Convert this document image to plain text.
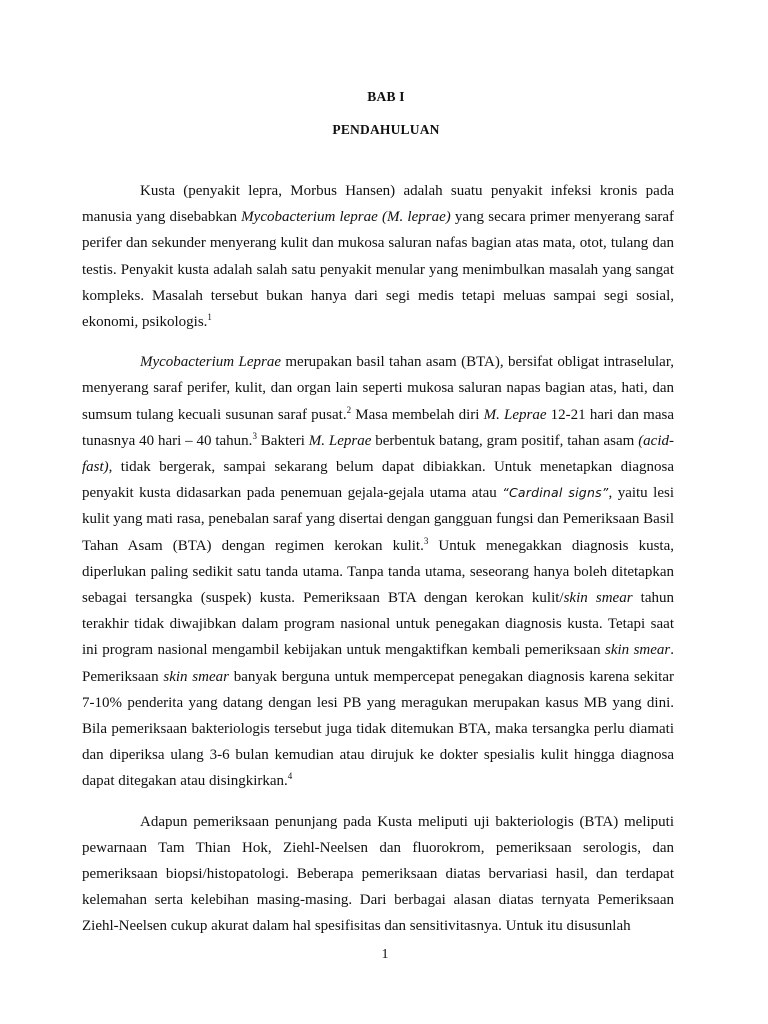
BAB I
PENDAHULUAN

Kusta (penyakit lepra, Morbus Hansen) adalah suatu penyakit infeksi kronis pada manusia yang disebabkan Mycobacterium leprae (M. leprae) yang secara primer menyerang saraf perifer dan sekunder menyerang kulit dan mukosa saluran nafas bagian atas mata, otot, tulang dan testis. Penyakit kusta adalah salah satu penyakit menular yang menimbulkan masalah yang sangat kompleks. Masalah tersebut bukan hanya dari segi medis tetapi meluas sampai segi sosial, ekonomi, psikologis.$^1$

Mycobacterium Leprae merupakan basil tahan asam (BTA), bersifat obligat intraselular, menyerang saraf perifer, kulit, dan organ lain seperti mukosa saluran napas bagian atas, hati, dan sumsum tulang kecuali susunan saraf pusat.$^2$ Masa membelah diri M. Leprae 12-21 hari dan masa tunasnya 40 hari – 40 tahun.$^3$ Bakteri M. Leprae berbentuk batang, gram positif, tahan asam (acid-fast), tidak bergerak, sampai sekarang belum dapat dibiakkan. Untuk menetapkan diagnosa penyakit kusta didasarkan pada penemuan gejala-gejala utama atau “Cardinal signs”, yaitu lesi kulit yang mati rasa, penebalan saraf yang disertai dengan gangguan fungsi dan Pemeriksaan Basil Tahan Asam (BTA) dengan regimen kerokan kulit.$^3$ Untuk menegakkan diagnosis kusta, diperlukan paling sedikit satu tanda utama. Tanpa tanda utama, seseorang hanya boleh ditetapkan sebagai tersangka (suspek) kusta. Pemeriksaan BTA dengan kerokan kulit/skin smear tahun terakhir tidak diwajibkan dalam program nasional untuk penegakan diagnosis kusta. Tetapi saat ini program nasional mengambil kebijakan untuk mengaktifkan kembali pemeriksaan skin smear. Pemeriksaan skin smear banyak berguna untuk mempercepat penegakan diagnosis karena sekitar 7-10% penderita yang datang dengan lesi PB yang meragukan merupakan kasus MB yang dini. Bila pemeriksaan bakteriologis tersebut juga tidak ditemukan BTA, maka tersangka perlu diamati dan diperiksa ulang 3-6 bulan kemudian atau dirujuk ke dokter spesialis kulit hingga diagnosa dapat ditegakan atau disingkirkan.$^4$

Adapun pemeriksaan penunjang pada Kusta meliputi uji bakteriologis (BTA) meliputi pewarnaan Tam Thian Hok, Ziehl-Neelsen dan fluorokrom, pemeriksaan serologis, dan pemeriksaan biopsi/histopatologi. Beberapa pemeriksaan diatas bervariasi hasil, dan terdapat kelemahan serta kelebihan masing-masing. Dari berbagai alasan diatas ternyata Pemeriksaan Ziehl-Neelsen cukup akurat dalam hal spesifisitas dan sensitivitasnya. Untuk itu disusunlah

1
